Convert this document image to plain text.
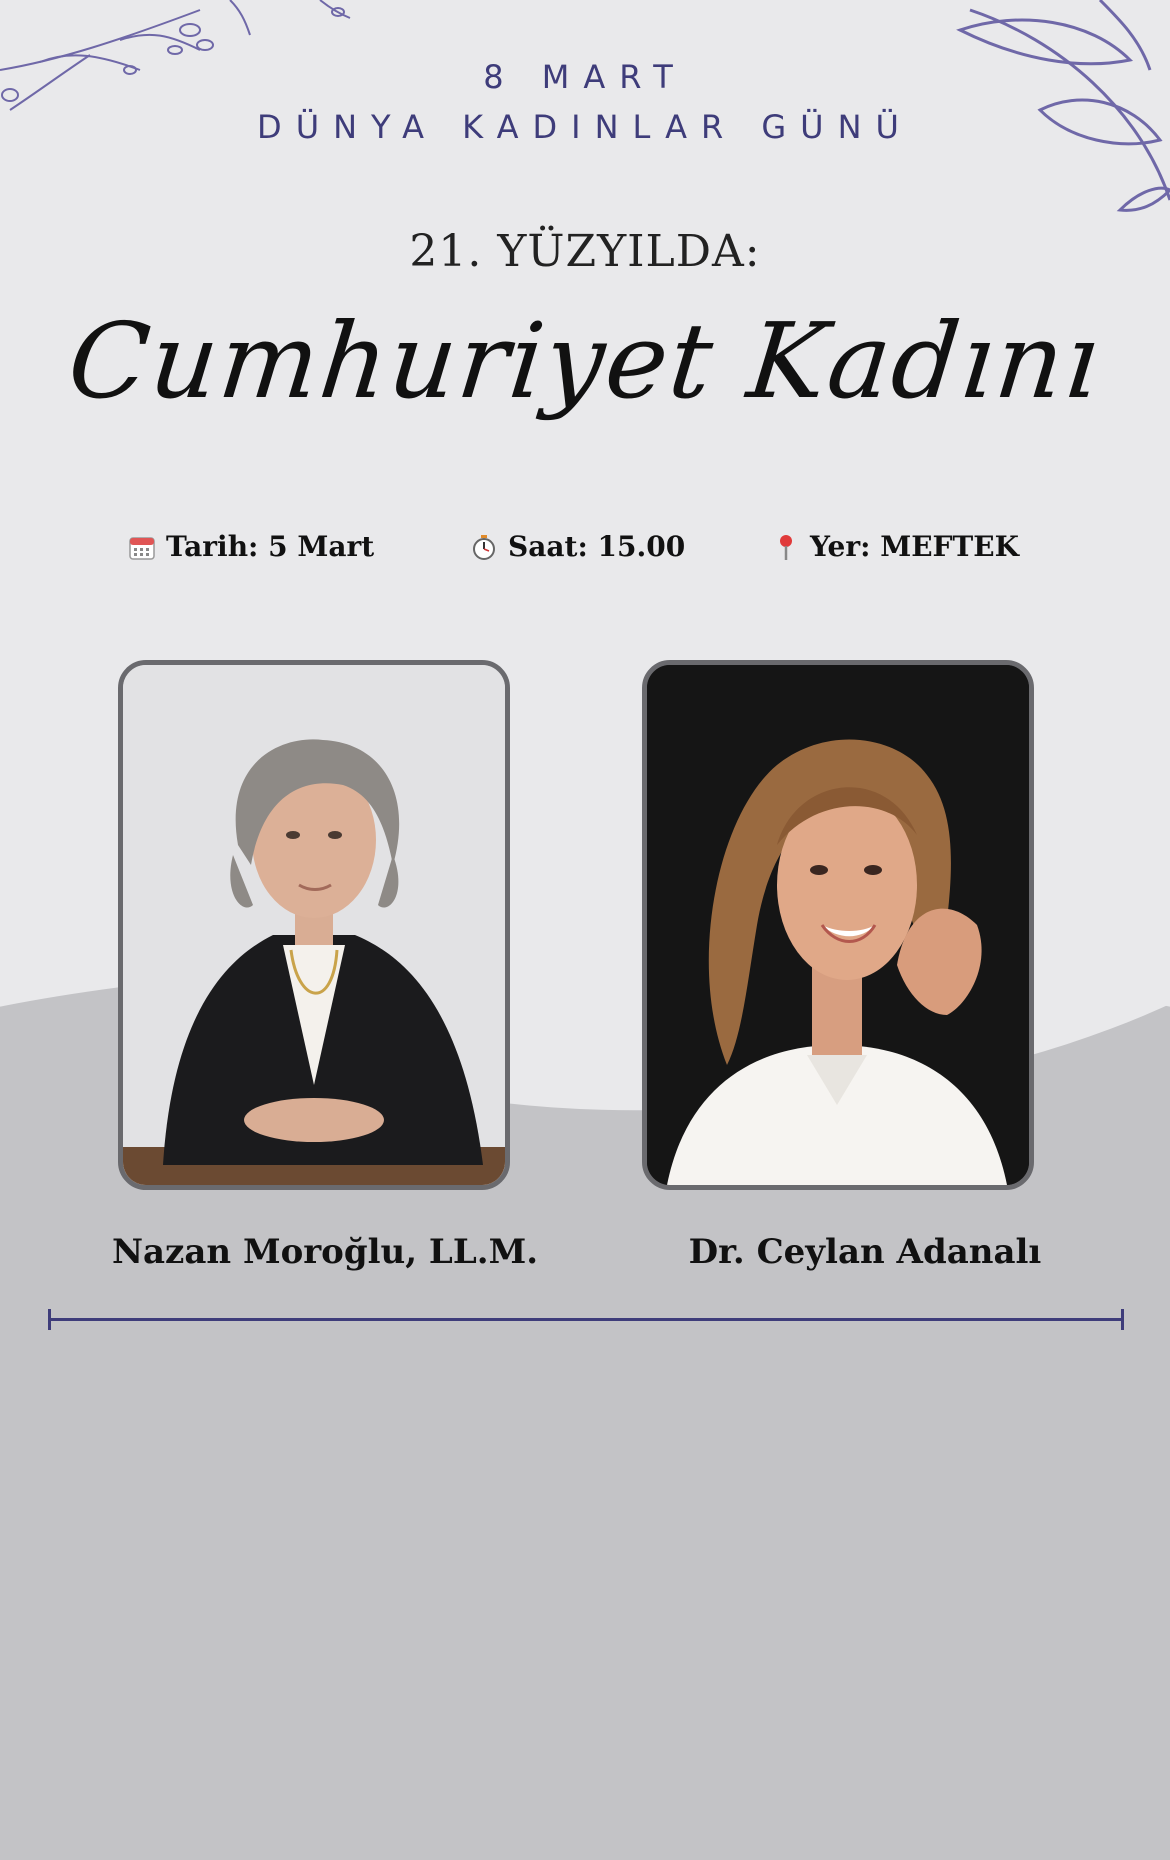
8 MART
DÜNYA KADINLAR GÜNÜ
21. YÜZYILDA:
Cumhuriyet Kadını
Tarih: 5 Mart	Saat: 15.00	Yer: MEFTEK
Nazan Moroğlu, LL.M.	Dr. Ceylan Adanalı
